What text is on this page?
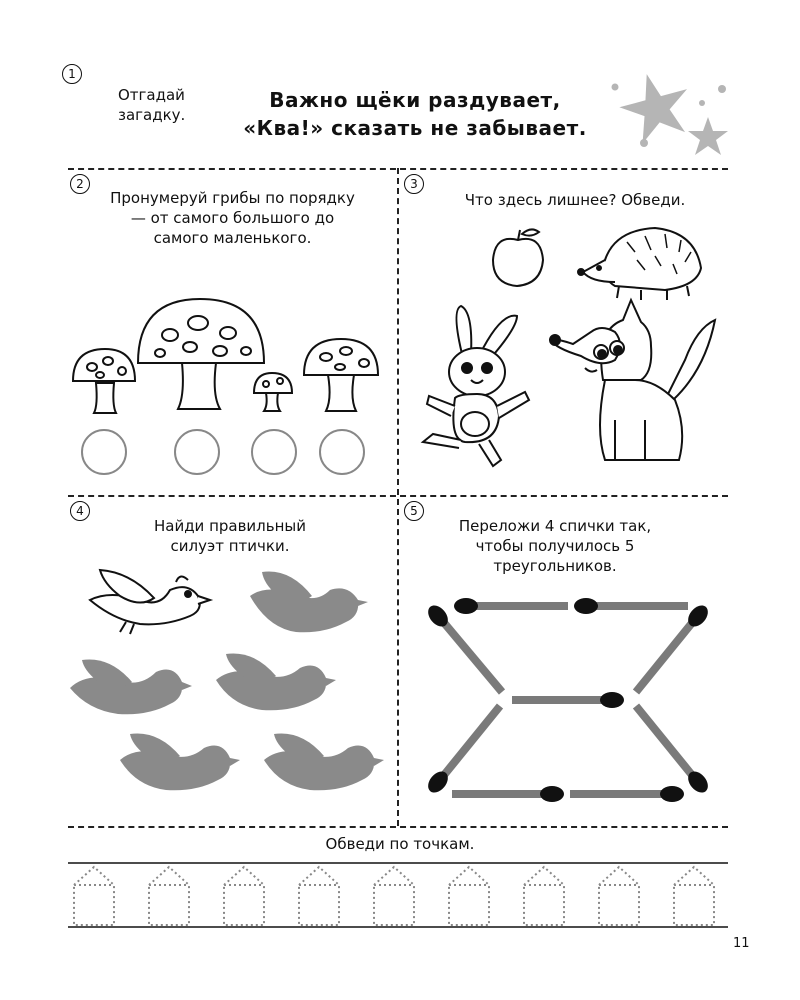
1
Отгадай загадку.
Важно щёки раздувает,
«Ква!» сказать не забывает.
2
Пронумеруй грибы по порядку — от самого большого до самого маленького.
3
Что здесь лишнее? Обведи.
4
Найди правильный силуэт птички.
5
Переложи 4 спички так, чтобы получилось 5 треугольников.
Обведи по точкам.
11
